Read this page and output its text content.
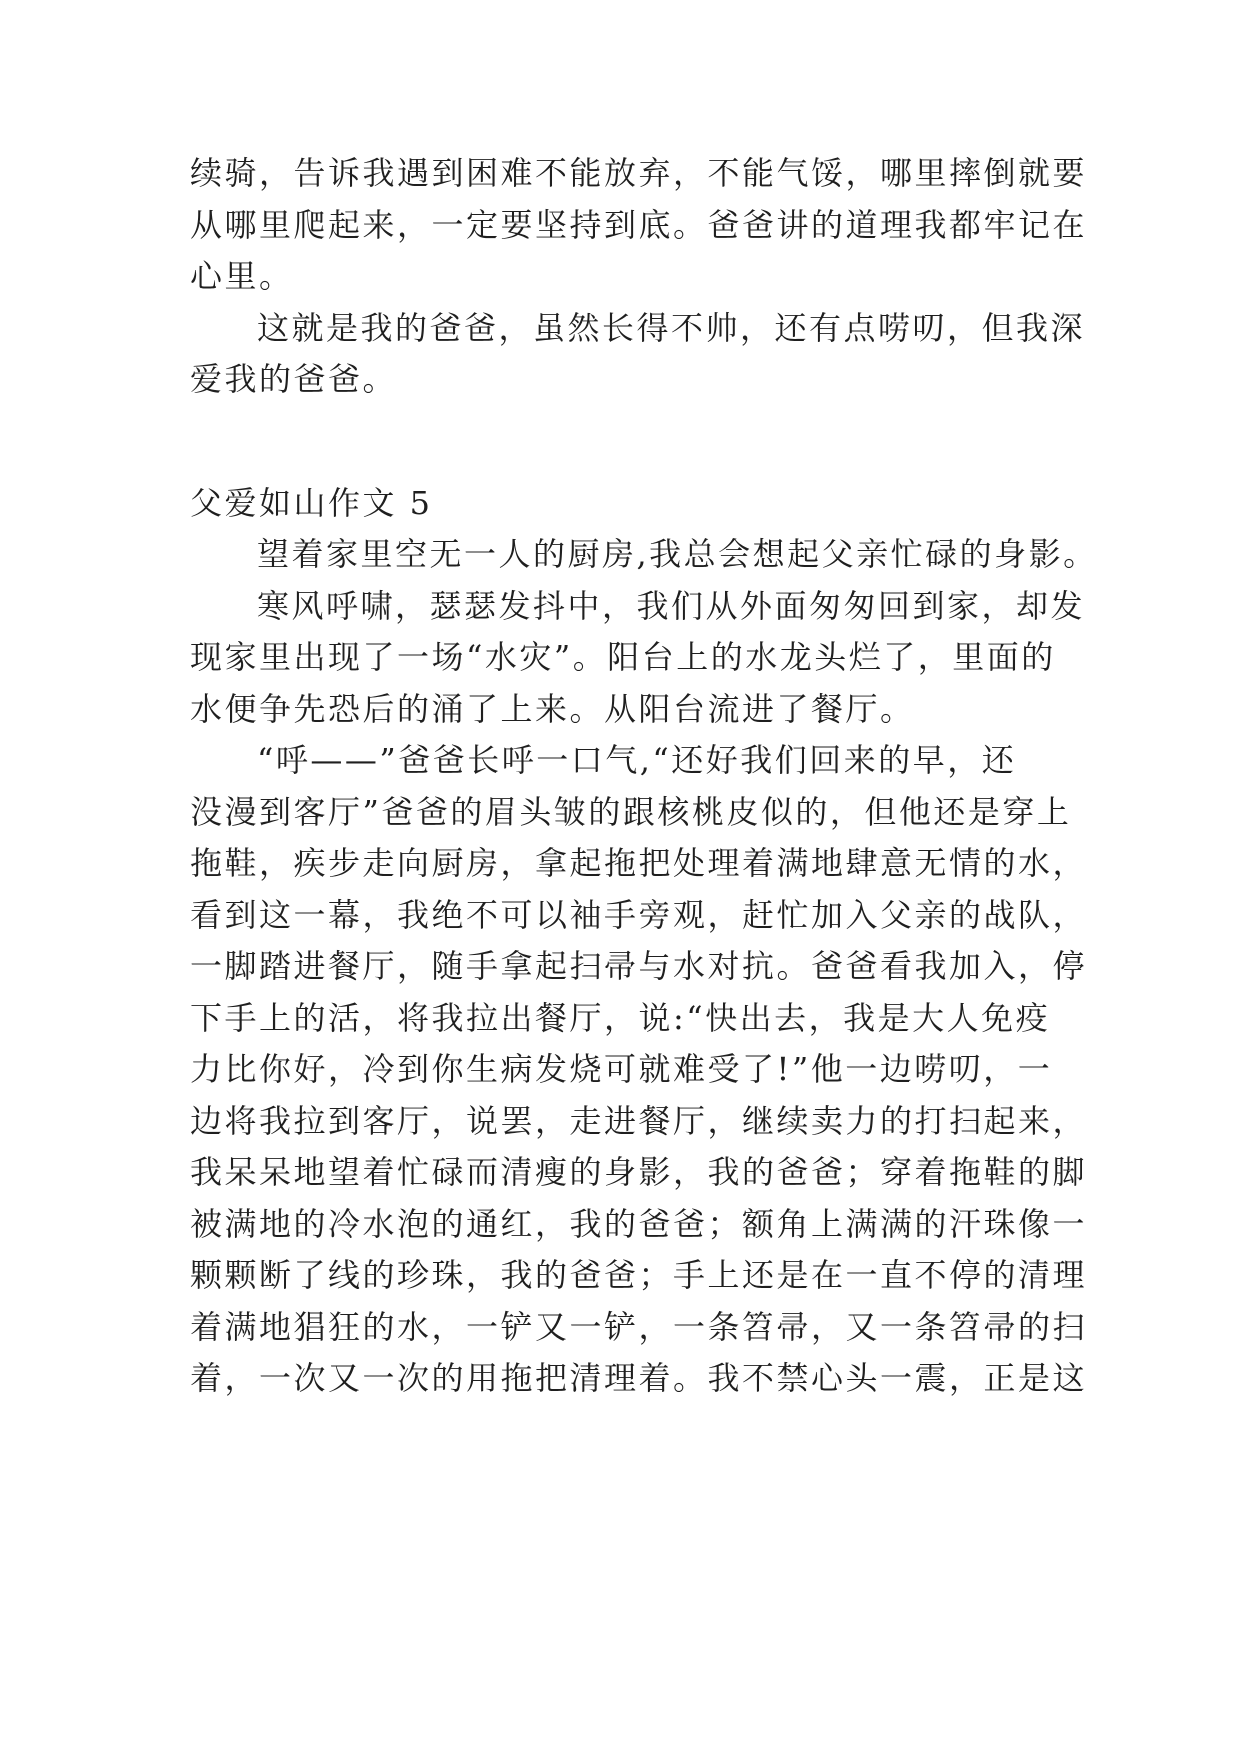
续骑，告诉我遇到困难不能放弃，不能气馁，哪里摔倒就要
从哪里爬起来，一定要坚持到底。爸爸讲的道理我都牢记在
心里。
这就是我的爸爸，虽然长得不帅，还有点唠叨，但我深
爱我的爸爸。
父爱如山作文 5
望着家里空无一人的厨房,我总会想起父亲忙碌的身影。
寒风呼啸，瑟瑟发抖中，我们从外面匆匆回到家，却发
现家里出现了一场“水灾”。阳台上的水龙头烂了，里面的
水便争先恐后的涌了上来。从阳台流进了餐厅。
“呼——”爸爸长呼一口气,“还好我们回来的早，还
没漫到客厅”爸爸的眉头皱的跟核桃皮似的，但他还是穿上
拖鞋，疾步走向厨房，拿起拖把处理着满地肆意无情的水，
看到这一幕，我绝不可以袖手旁观，赶忙加入父亲的战队，
一脚踏进餐厅，随手拿起扫帚与水对抗。爸爸看我加入，停
下手上的活，将我拉出餐厅，说:“快出去，我是大人免疫
力比你好，冷到你生病发烧可就难受了!”他一边唠叨，一
边将我拉到客厅，说罢，走进餐厅，继续卖力的打扫起来，
我呆呆地望着忙碌而清瘦的身影，我的爸爸；穿着拖鞋的脚
被满地的冷水泡的通红，我的爸爸；额角上满满的汗珠像一
颗颗断了线的珍珠，我的爸爸；手上还是在一直不停的清理
着满地猖狂的水，一铲又一铲，一条笤帚，又一条笤帚的扫
着，一次又一次的用拖把清理着。我不禁心头一震，正是这
